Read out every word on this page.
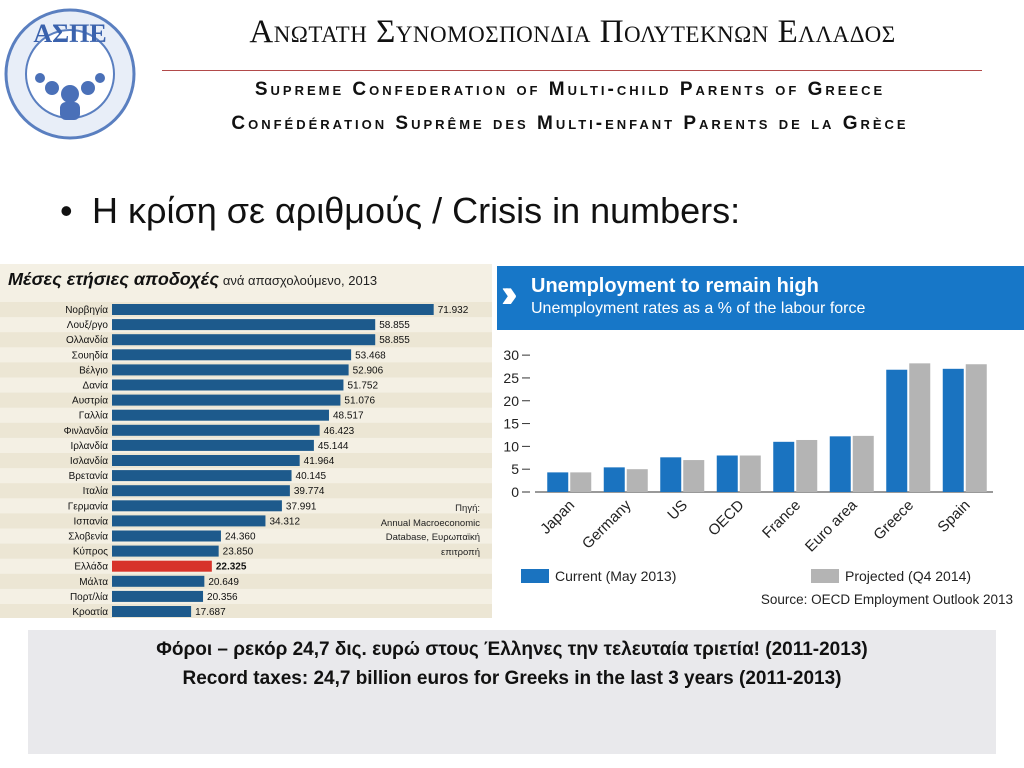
ΑΣΠΕ	Ανωτατη Συνομοσπονδια Πολυτεκνων Ελλαδος
Supreme Confederation of Multi-child Parents of Greece
Confédération Suprême des Multi-enfant Parents de la Grèce
• Η κρίση σε αριθμούς / Crisis in numbers:
Μέσες ετήσιες αποδοχές ανά απασχολούμενο, 2013
Νορβηγία	71.932
Λουξ/ργο	58.855
Ολλανδία	58.855
Σουηδία	53.468
Βέλγιο	52.906
Δανία	51.752
Αυστρία	51.076
Γαλλία	48.517
Φινλανδία	46.423
Ιρλανδία	45.144
Ισλανδία	41.964
Βρετανία	40.145
Ιταλία	39.774
Γερμανία	37.991
Ισπανία	34.312
Σλοβενία	24.360
Κύπρος	23.850
Ελλάδα	22.325
Μάλτα	20.649
Πορτ/λία	20.356
Κροατία	17.687
Πηγή:
Annual Macroeconomic
Database, Ευρωπαϊκή επιτροπή
›› Unemployment to remain high
Unemployment rates as a % of the labour force
0
5
10
15
20
25
30
Japan Germany US OECD France
Euro area Greece Spain
Current (May 2013)	Projected (Q4 2014)
Source: OECD Employment Outlook 2013
Φόροι – ρεκόρ 24,7 δις. ευρώ στους Έλληνες την τελευταία τριετία! (2011-2013)
Record taxes: 24,7 billion euros for Greeks in the last 3 years (2011-2013)
